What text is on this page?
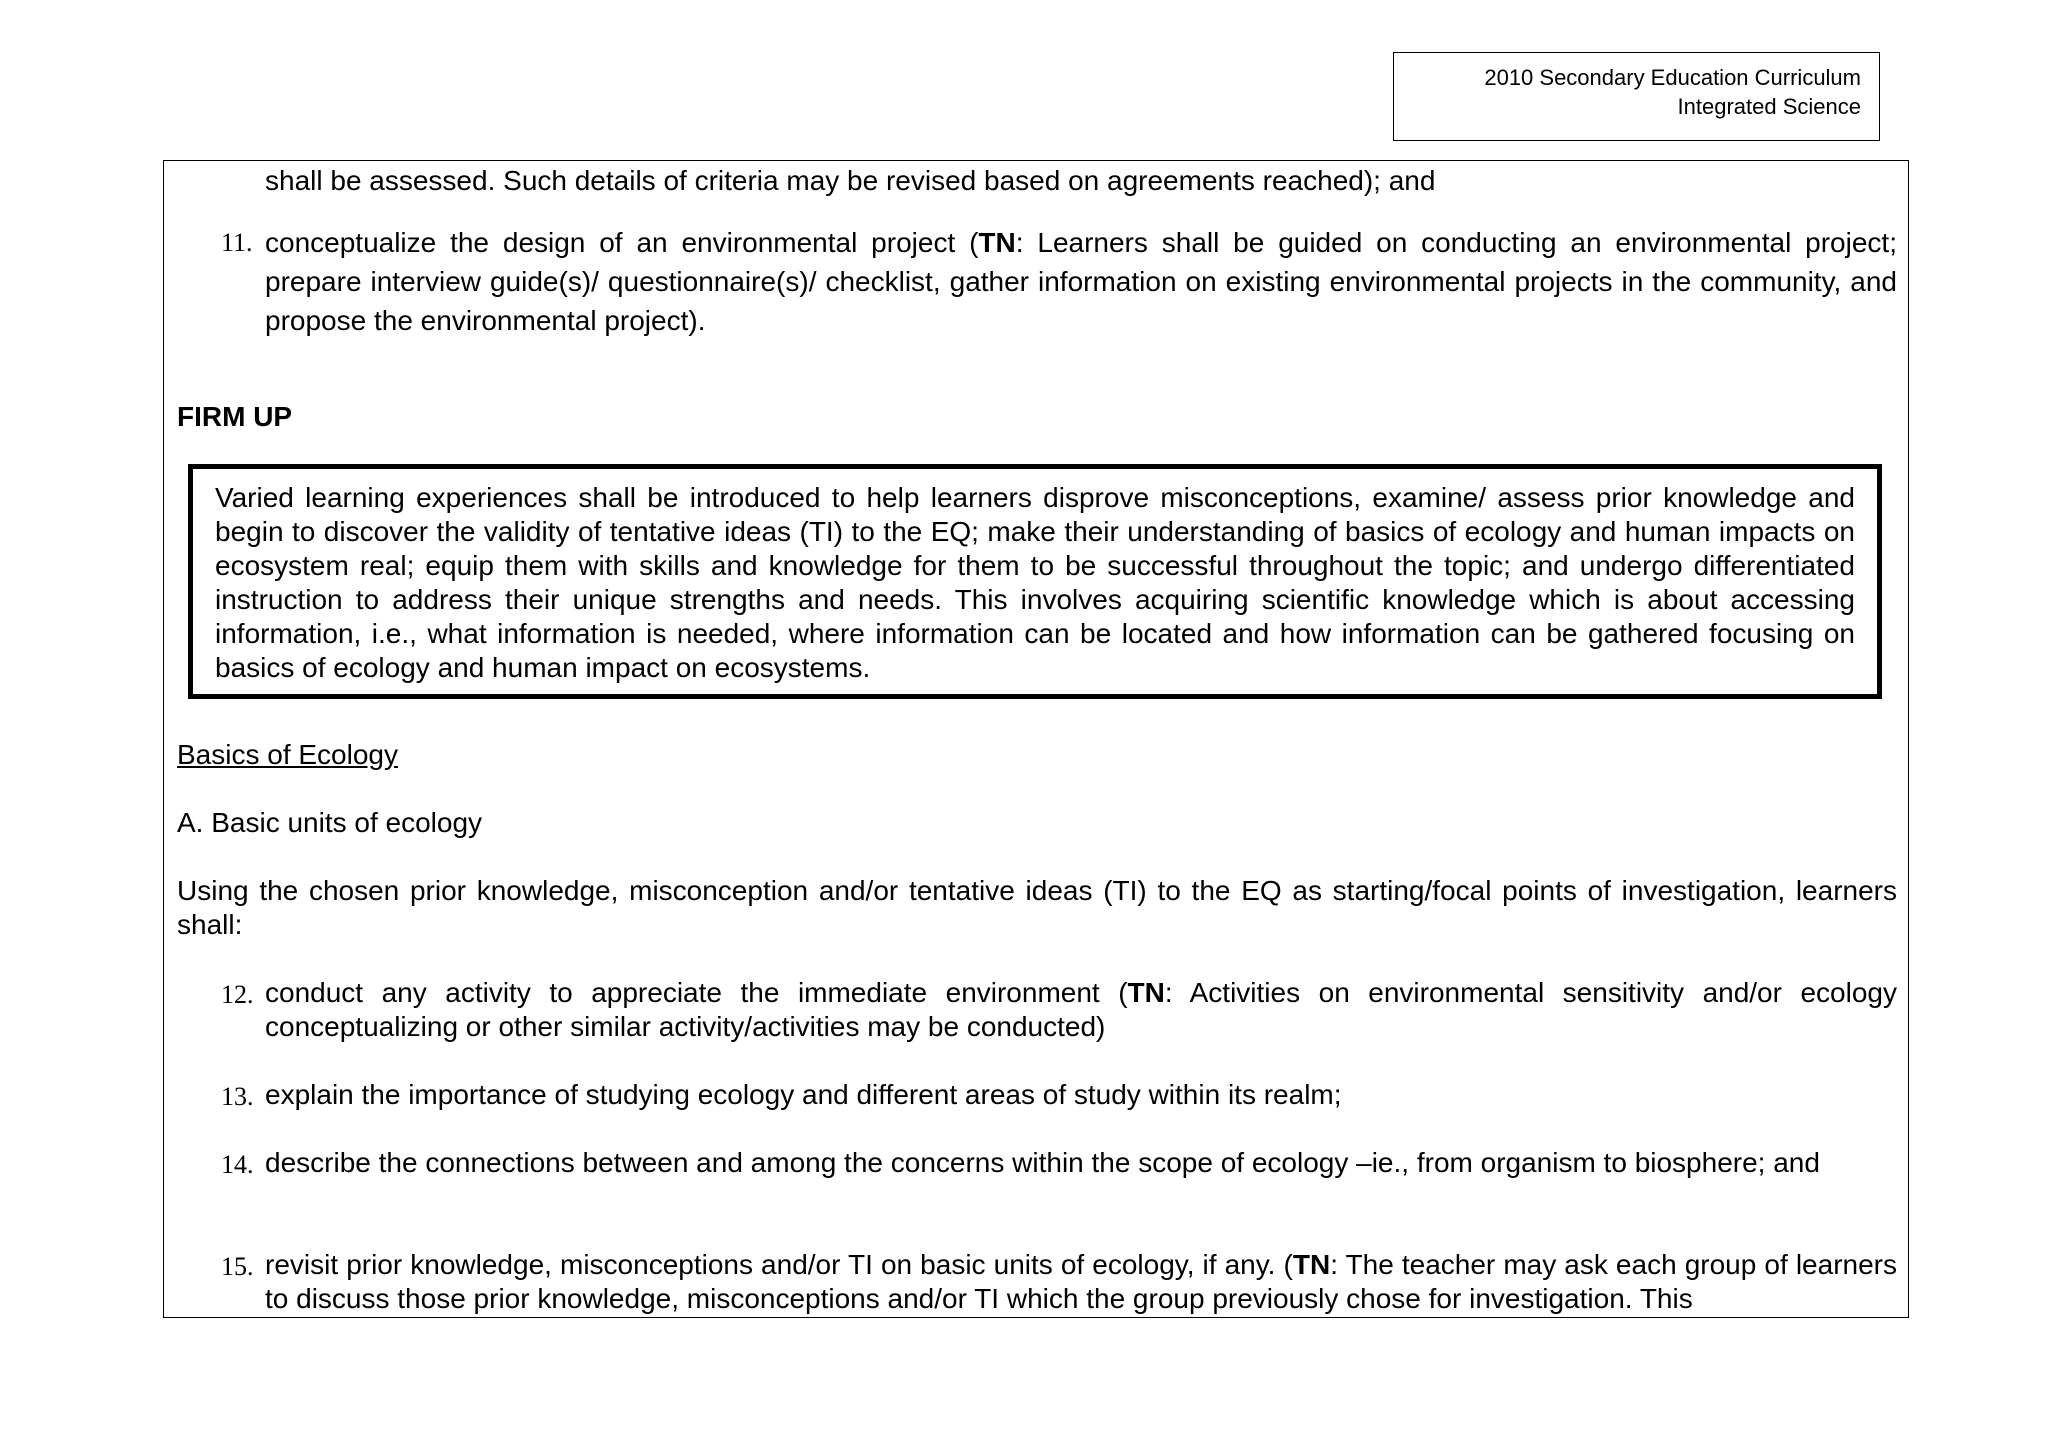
2010 Secondary Education Curriculum
Integrated Science
shall be assessed. Such details of criteria may be revised based on agreements reached); and
11. conceptualize the design of an environmental project (TN: Learners shall be guided on conducting an environmental project; prepare interview guide(s)/ questionnaire(s)/ checklist, gather information on existing environmental projects in the community, and propose the environmental project).
FIRM UP
Varied learning experiences shall be introduced to help learners disprove misconceptions, examine/ assess prior knowledge and begin to discover the validity of tentative ideas (TI) to the EQ; make their understanding of basics of ecology and human impacts on ecosystem real; equip them with skills and knowledge for them to be successful throughout the topic; and undergo differentiated instruction to address their unique strengths and needs. This involves acquiring scientific knowledge which is about accessing information, i.e., what information is needed, where information can be located and how information can be gathered focusing on basics of ecology and human impact on ecosystems.
Basics of Ecology
A. Basic units of ecology
Using the chosen prior knowledge, misconception and/or tentative ideas (TI) to the EQ as starting/focal points of investigation, learners shall:
12. conduct any activity to appreciate the immediate environment (TN: Activities on environmental sensitivity and/or ecology conceptualizing or other similar activity/activities may be conducted)
13. explain the importance of studying ecology and different areas of study within its realm;
14. describe the connections between and among the concerns within the scope of ecology –ie., from organism to biosphere; and
15. revisit prior knowledge, misconceptions and/or TI on basic units of ecology, if any. (TN: The teacher may ask each group of learners to discuss those prior knowledge, misconceptions and/or TI which the group previously chose for investigation. This
